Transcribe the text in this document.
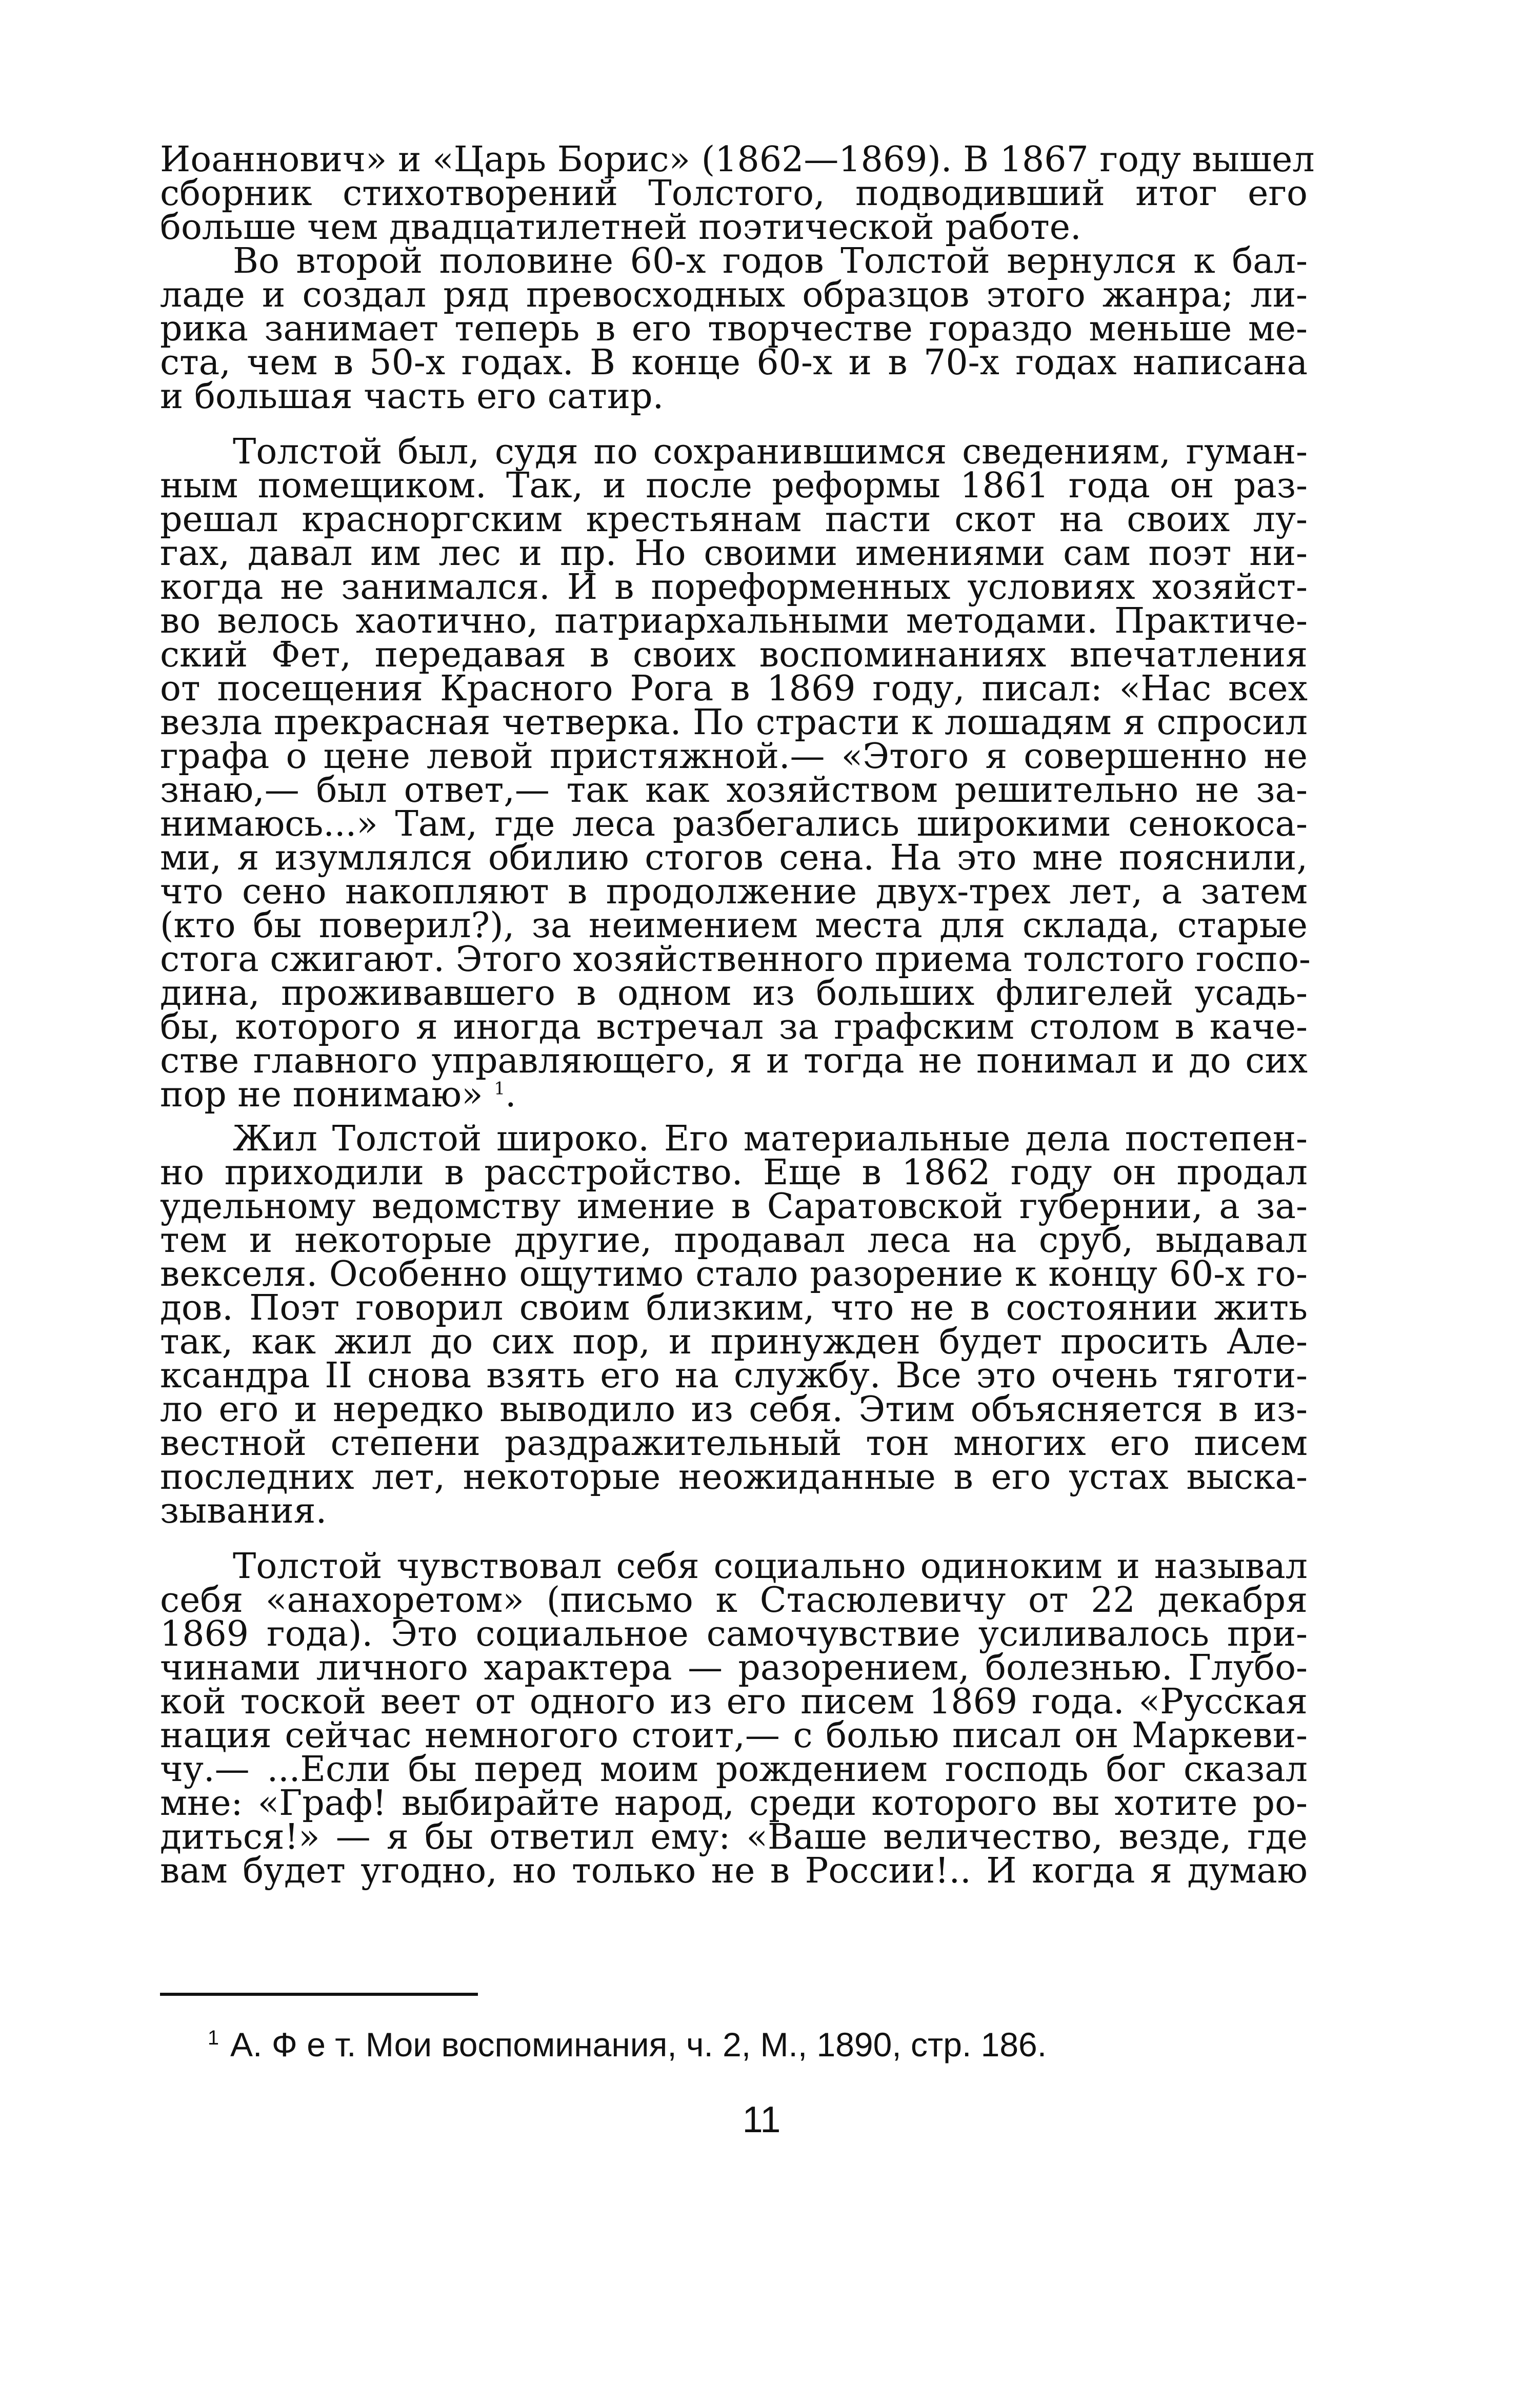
Иоаннович» и «Царь Борис» (1862—1869). В 1867 году вышел
сборник стихотворений Толстого, подводивший итог его
больше чем двадцатилетней поэтической работе.
Во второй половине 60-х годов Толстой вернулся к бал-
ладе и создал ряд превосходных образцов этого жанра; ли-
рика занимает теперь в его творчестве гораздо меньше ме-
ста, чем в 50-х годах. В конце 60-х и в 70-х годах написана
и большая часть его сатир.
Толстой был, судя по сохранившимся сведениям, гуман-
ным помещиком. Так, и после реформы 1861 года он раз-
решал красноргским крестьянам пасти скот на своих лу-
гах, давал им лес и пр. Но своими имениями сам поэт ни-
когда не занимался. И в пореформенных условиях хозяйст-
во велось хаотично, патриархальными методами. Практиче-
ский Фет, передавая в своих воспоминаниях впечатления
от посещения Красного Рога в 1869 году, писал: «Нас всех
везла прекрасная четверка. По страсти к лошадям я спросил
графа о цене левой пристяжной.— «Этого я совершенно не
знаю,— был ответ,— так как хозяйством решительно не за-
нимаюсь...» Там, где леса разбегались широкими сенокоса-
ми, я изумлялся обилию стогов сена. На это мне пояснили,
что сено накопляют в продолжение двух-трех лет, а затем
(кто бы поверил?), за неимением места для склада, старые
стога сжигают. Этого хозяйственного приема толстого госпо-
дина, проживавшего в одном из больших флигелей усадь-
бы, которого я иногда встречал за графским столом в каче-
стве главного управляющего, я и тогда не понимал и до сих
пор не понимаю» $^1$.
Жил Толстой широко. Его материальные дела постепен-
но приходили в расстройство. Еще в 1862 году он продал
удельному ведомству имение в Саратовской губернии, а за-
тем и некоторые другие, продавал леса на сруб, выдавал
векселя. Особенно ощутимо стало разорение к концу 60-х го-
дов. Поэт говорил своим близким, что не в состоянии жить
так, как жил до сих пор, и принужден будет просить Але-
ксандра II снова взять его на службу. Все это очень тяготи-
ло его и нередко выводило из себя. Этим объясняется в из-
вестной степени раздражительный тон многих его писем
последних лет, некоторые неожиданные в его устах выска-
зывания.
Толстой чувствовал себя социально одиноким и называл
себя «анахоретом» (письмо к Стасюлевичу от 22 декабря
1869 года). Это социальное самочувствие усиливалось при-
чинами личного характера — разорением, болезнью. Глубо-
кой тоской веет от одного из его писем 1869 года. «Русская
нация сейчас немногого стоит,— с болью писал он Маркеви-
чу.— ...Если бы перед моим рождением господь бог сказал
мне: «Граф! выбирайте народ, среди которого вы хотите ро-
диться!» — я бы ответил ему: «Ваше величество, везде, где
вам будет угодно, но только не в России!.. И когда я думаю
$^1$ А. Ф е т. Мои воспоминания, ч. 2, М., 1890, стр. 186.
11
